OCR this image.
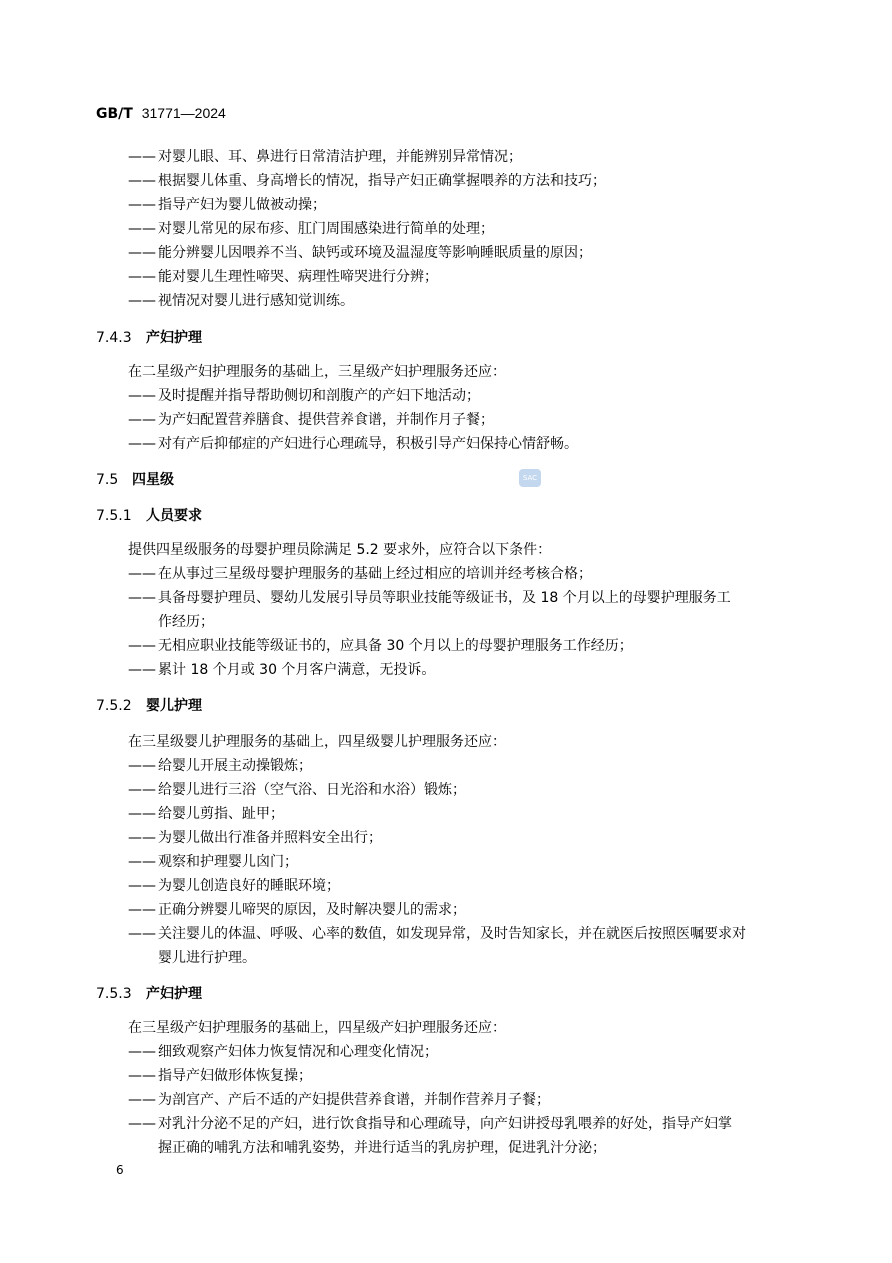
GB/T 31771—2024
—— 对婴儿眼、耳、鼻进行日常清洁护理，并能辨别异常情况；
—— 根据婴儿体重、身高增长的情况，指导产妇正确掌握喂养的方法和技巧；
—— 指导产妇为婴儿做被动操；
—— 对婴儿常见的尿布疹、肛门周围感染进行简单的处理；
—— 能分辨婴儿因喂养不当、缺钙或环境及温湿度等影响睡眠质量的原因；
—— 能对婴儿生理性啼哭、病理性啼哭进行分辨；
—— 视情况对婴儿进行感知觉训练。
7.4.3 产妇护理
在二星级产妇护理服务的基础上，三星级产妇护理服务还应：
—— 及时提醒并指导帮助侧切和剖腹产的产妇下地活动；
—— 为产妇配置营养膳食、提供营养食谱，并制作月子餐；
—— 对有产后抑郁症的产妇进行心理疏导，积极引导产妇保持心情舒畅。
7.5 四星级	SAC
7.5.1 人员要求
提供四星级服务的母婴护理员除满足 5.2 要求外，应符合以下条件：
—— 在从事过三星级母婴护理服务的基础上经过相应的培训并经考核合格；
—— 具备母婴护理员、婴幼儿发展引导员等职业技能等级证书，及 18 个月以上的母婴护理服务工
作经历；
—— 无相应职业技能等级证书的，应具备 30 个月以上的母婴护理服务工作经历；
—— 累计 18 个月或 30 个月客户满意，无投诉。
7.5.2 婴儿护理
在三星级婴儿护理服务的基础上，四星级婴儿护理服务还应：
—— 给婴儿开展主动操锻炼；
—— 给婴儿进行三浴（空气浴、日光浴和水浴）锻炼；
—— 给婴儿剪指、趾甲；
—— 为婴儿做出行准备并照料安全出行；
—— 观察和护理婴儿囟门；
—— 为婴儿创造良好的睡眠环境；
—— 正确分辨婴儿啼哭的原因，及时解决婴儿的需求；
—— 关注婴儿的体温、呼吸、心率的数值，如发现异常，及时告知家长，并在就医后按照医嘱要求对
婴儿进行护理。
7.5.3 产妇护理
在三星级产妇护理服务的基础上，四星级产妇护理服务还应：
—— 细致观察产妇体力恢复情况和心理变化情况；
—— 指导产妇做形体恢复操；
—— 为剖宫产、产后不适的产妇提供营养食谱，并制作营养月子餐；
—— 对乳汁分泌不足的产妇，进行饮食指导和心理疏导，向产妇讲授母乳喂养的好处，指导产妇掌
握正确的哺乳方法和哺乳姿势，并进行适当的乳房护理，促进乳汁分泌；
6
